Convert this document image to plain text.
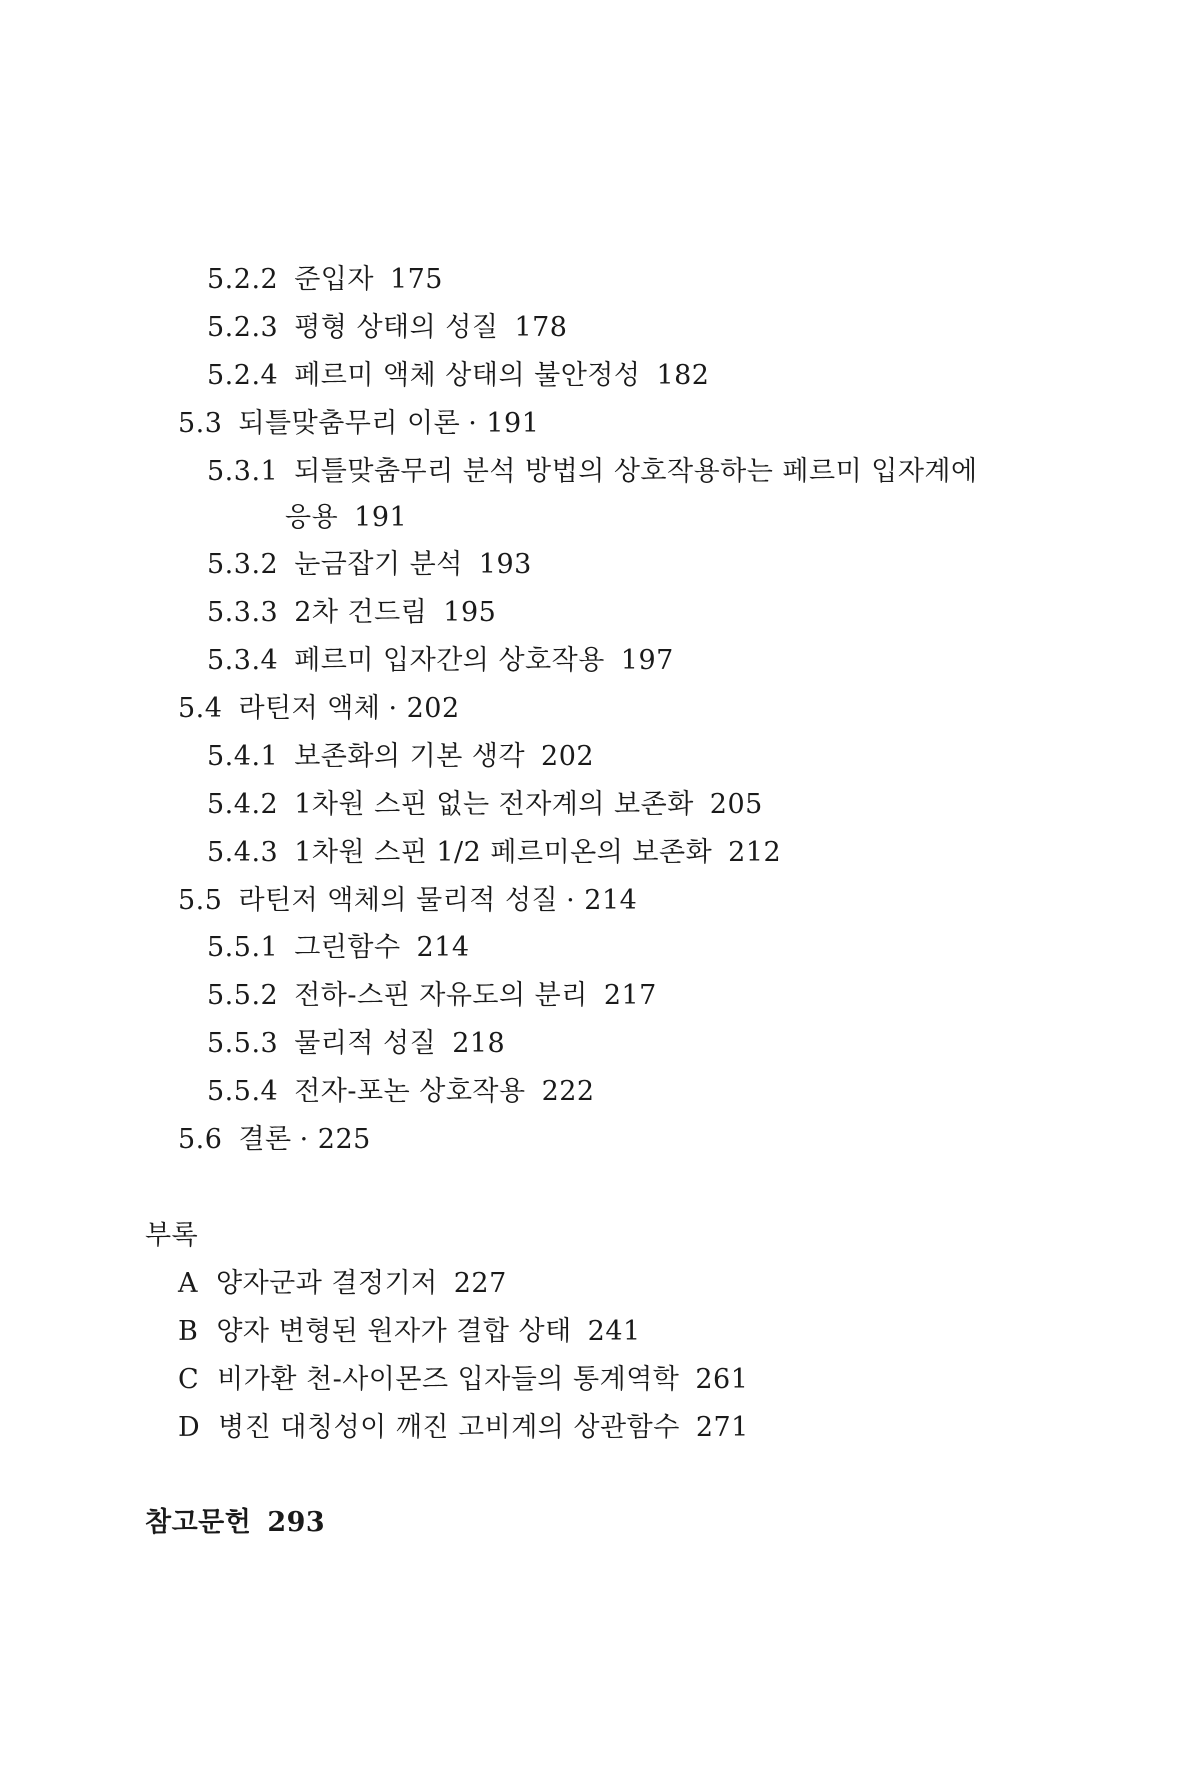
5.2.2 준입자 175
5.2.3 평형 상태의 성질 178
5.2.4 페르미 액체 상태의 불안정성 182
5.3 되틀맞춤무리 이론 · 191
5.3.1 되틀맞춤무리 분석 방법의 상호작용하는 페르미 입자계에
응용 191
5.3.2 눈금잡기 분석 193
5.3.3 2차 건드림 195
5.3.4 페르미 입자간의 상호작용 197
5.4 라틴저 액체 · 202
5.4.1 보존화의 기본 생각 202
5.4.2 1차원 스핀 없는 전자계의 보존화 205
5.4.3 1차원 스핀 1/2 페르미온의 보존화 212
5.5 라틴저 액체의 물리적 성질 · 214
5.5.1 그린함수 214
5.5.2 전하-스핀 자유도의 분리 217
5.5.3 물리적 성질 218
5.5.4 전자-포논 상호작용 222
5.6 결론 · 225
부록
A 양자군과 결정기저 227
B 양자 변형된 원자가 결합 상태 241
C 비가환 천-사이몬즈 입자들의 통계역학 261
D 병진 대칭성이 깨진 고비계의 상관함수 271
참고문헌 293
